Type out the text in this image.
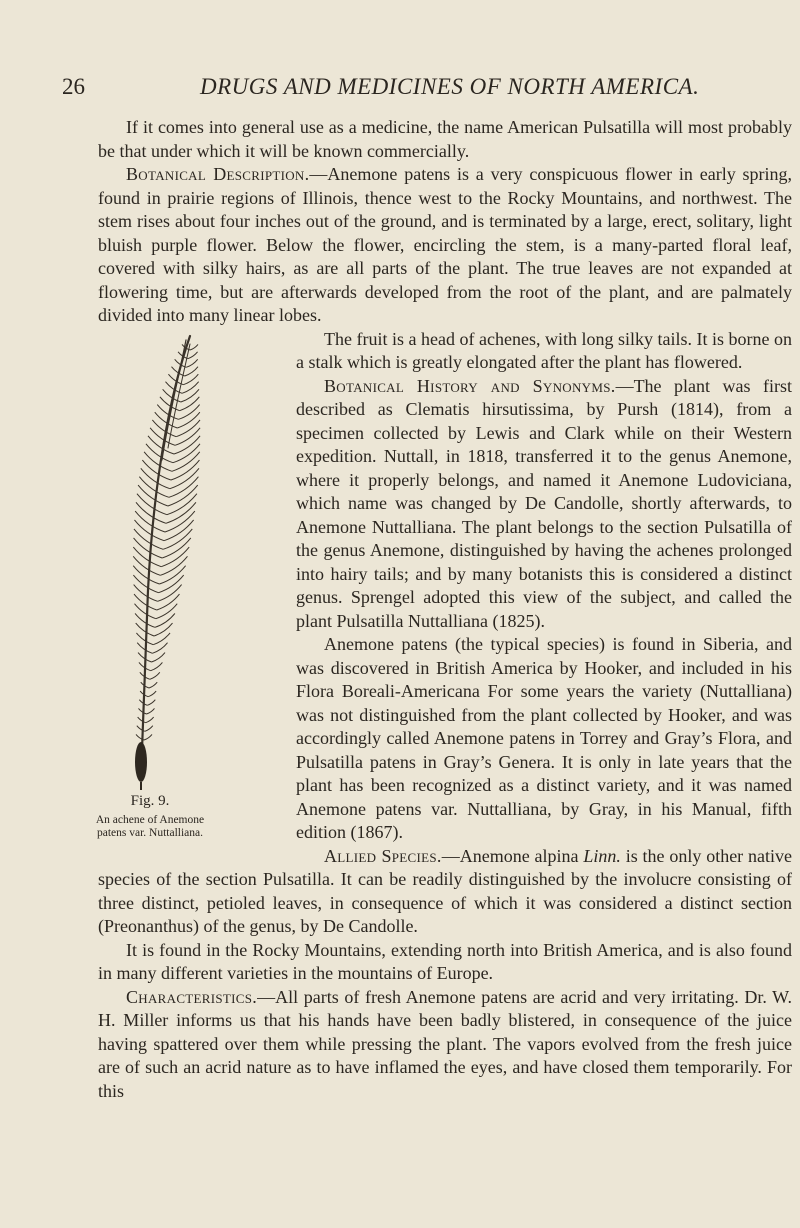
26	DRUGS AND MEDICINES OF NORTH AMERICA.

If it comes into general use as a medicine, the name American Pulsatilla will most probably be that under which it will be known commercially.

Botanical Description.—Anemone patens is a very conspicuous flower in early spring, found in prairie regions of Illinois, thence west to the Rocky Mountains, and northwest. The stem rises about four inches out of the ground, and is terminated by a large, erect, solitary, light bluish purple flower. Below the flower, encircling the stem, is a many-parted floral leaf, covered with silky hairs, as are all parts of the plant. The true leaves are not expanded at flowering time, but are afterwards developed from the root of the plant, and are palmately divided into many linear lobes.

Fig. 9.
An achene of Anemone patens var. Nuttalliana.

The fruit is a head of achenes, with long silky tails. It is borne on a stalk which is greatly elongated after the plant has flowered.

Botanical History and Synonyms.—The plant was first described as Clematis hirsutissima, by Pursh (1814), from a specimen collected by Lewis and Clark while on their Western expedition. Nuttall, in 1818, transferred it to the genus Anemone, where it properly belongs, and named it Anemone Ludoviciana, which name was changed by De Candolle, shortly afterwards, to Anemone Nuttalliana. The plant belongs to the section Pulsatilla of the genus Anemone, distinguished by having the achenes prolonged into hairy tails; and by many botanists this is considered a distinct genus. Sprengel adopted this view of the subject, and called the plant Pulsatilla Nuttalliana (1825).

Anemone patens (the typical species) is found in Siberia, and was discovered in British America by Hooker, and included in his Flora Boreali-Americana For some years the variety (Nuttalliana) was not distinguished from the plant collected by Hooker, and was accordingly called Anemone patens in Torrey and Gray’s Flora, and Pulsatilla patens in Gray’s Genera. It is only in late years that the plant has been recognized as a distinct variety, and it was named Anemone patens var. Nuttalliana, by Gray, in his Manual, fifth edition (1867).

Allied Species.—Anemone alpina Linn. is the only other native species of the section Pulsatilla. It can be readily distinguished by the involucre consisting of three distinct, petioled leaves, in consequence of which it was considered a distinct section (Preonanthus) of the genus, by De Candolle.

It is found in the Rocky Mountains, extending north into British America, and is also found in many different varieties in the mountains of Europe.

Characteristics.—All parts of fresh Anemone patens are acrid and very irritating. Dr. W. H. Miller informs us that his hands have been badly blistered, in consequence of the juice having spattered over them while pressing the plant. The vapors evolved from the fresh juice are of such an acrid nature as to have inflamed the eyes, and have closed them temporarily. For this
